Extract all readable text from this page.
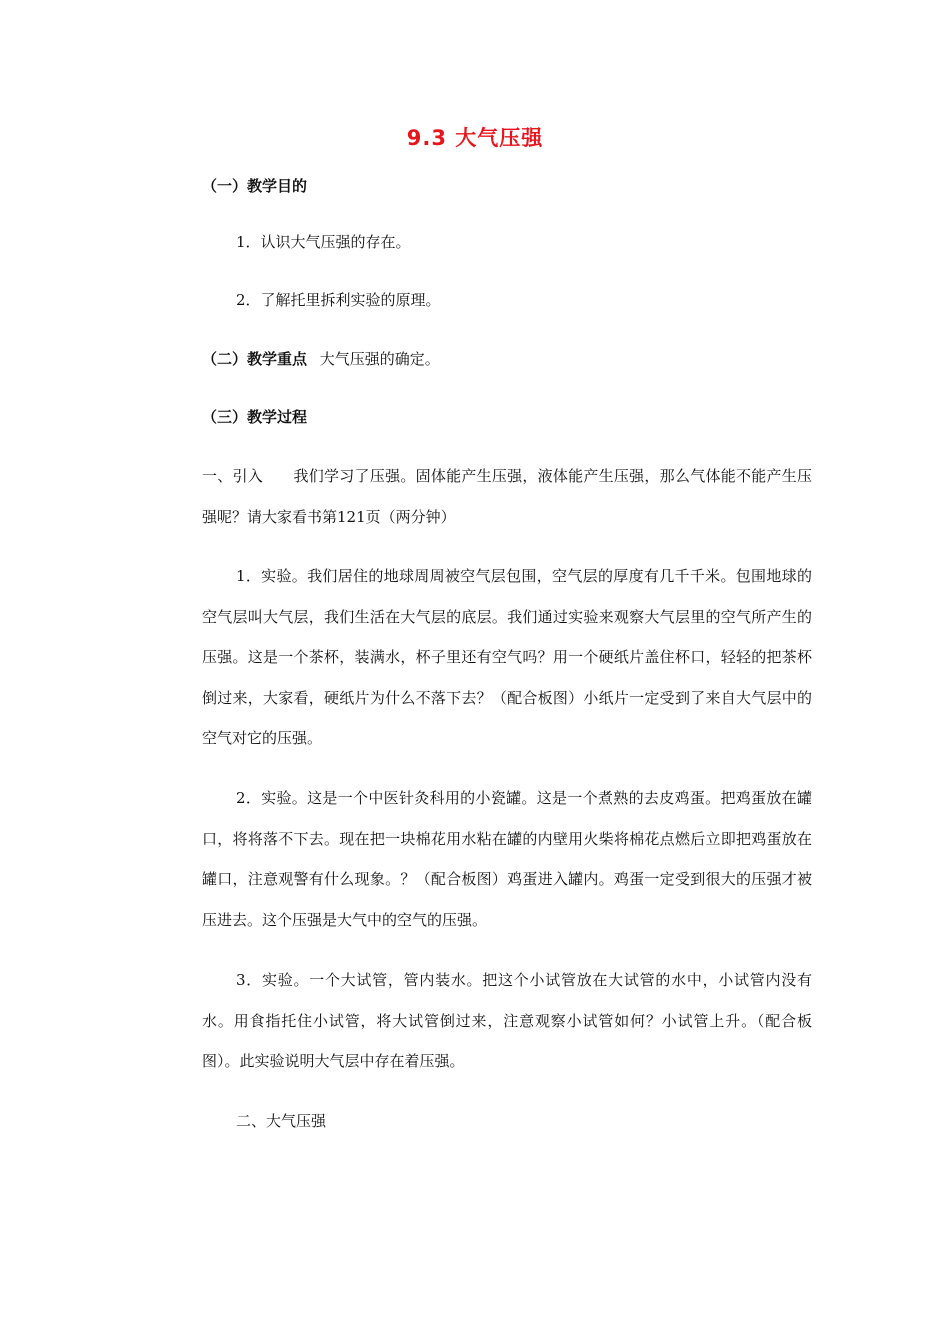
9.3 大气压强
（一）教学目的
1．认识大气压强的存在。
2．了解托里拆利实验的原理。
（二）教学重点 大气压强的确定。
（三）教学过程
一、引入　　我们学习了压强。固体能产生压强，液体能产生压强，那么气体能不能产生压强呢？请大家看书第121页（两分钟）
1．实验。我们居住的地球周周被空气层包围，空气层的厚度有几千千米。包围地球的空气层叫大气层，我们生活在大气层的底层。我们通过实验来观察大气层里的空气所产生的压强。这是一个茶杯，装满水，杯子里还有空气吗？用一个硬纸片盖住杯口，轻轻的把茶杯倒过来，大家看，硬纸片为什么不落下去？（配合板图）小纸片一定受到了来自大气层中的空气对它的压强。
2．实验。这是一个中医针灸科用的小瓷罐。这是一个煮熟的去皮鸡蛋。把鸡蛋放在罐口，将将落不下去。现在把一块棉花用水粘在罐的内壁用火柴将棉花点燃后立即把鸡蛋放在罐口，注意观警有什么现象。？（配合板图）鸡蛋进入罐内。鸡蛋一定受到很大的压强才被压进去。这个压强是大气中的空气的压强。
3．实验。一个大试管，管内装水。把这个小试管放在大试管的水中，小试管内没有水。用食指托住小试管，将大试管倒过来，注意观察小试管如何？小试管上升。（配合板图）。此实验说明大气层中存在着压强。
二、大气压强
